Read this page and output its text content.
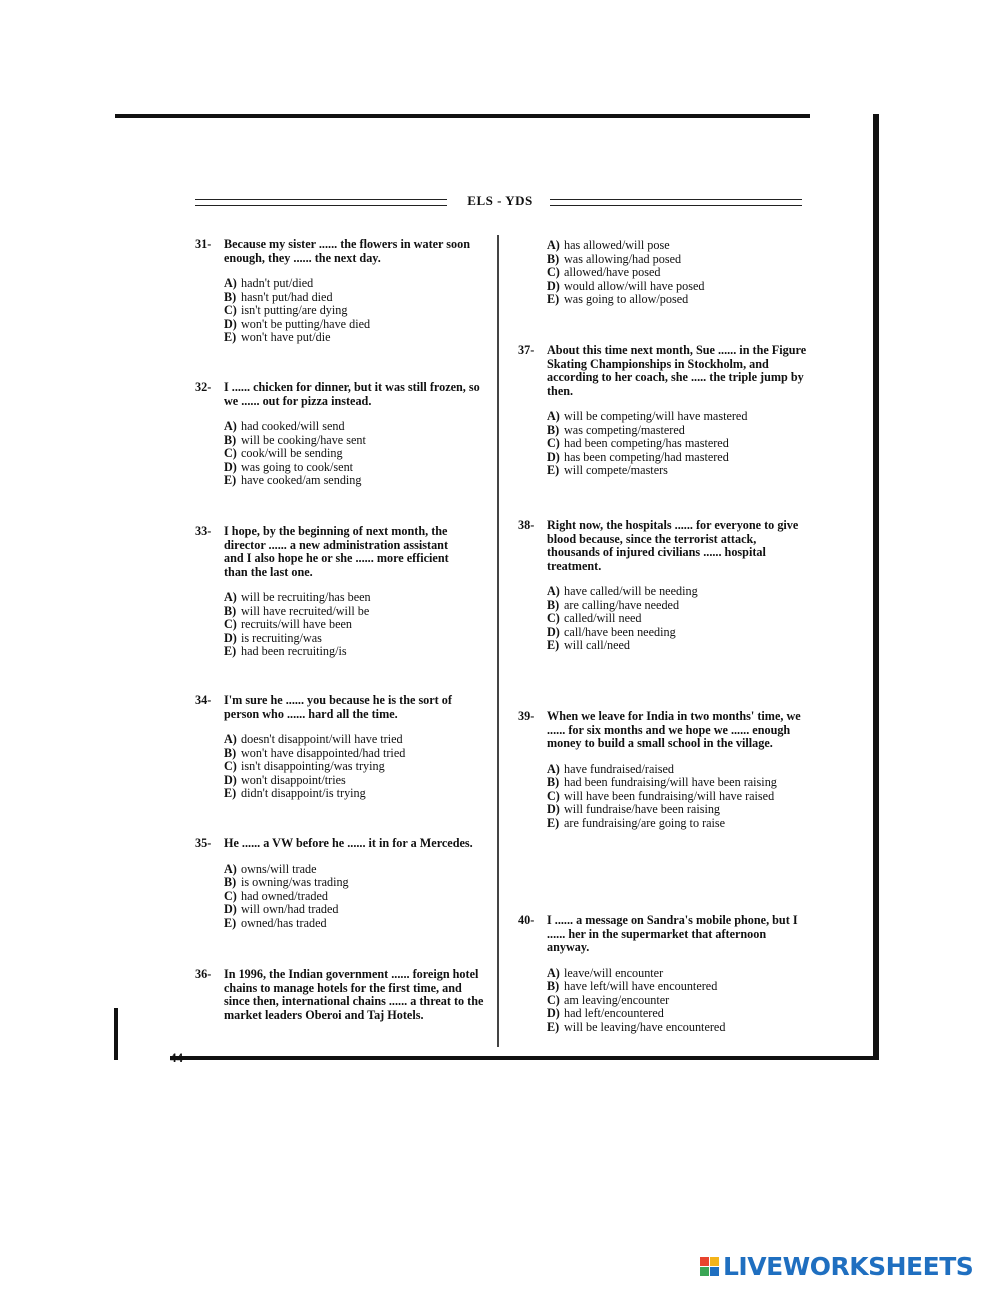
ELS - YDS
31- Because my sister ...... the flowers in water soon enough, they ...... the next day.
A) hadn't put/died
B) hasn't put/had died
C) isn't putting/are dying
D) won't be putting/have died
E) won't have put/die
32- I ...... chicken for dinner, but it was still frozen, so we ...... out for pizza instead.
A) had cooked/will send
B) will be cooking/have sent
C) cook/will be sending
D) was going to cook/sent
E) have cooked/am sending
33- I hope, by the beginning of next month, the director ...... a new administration assistant and I also hope he or she ...... more efficient than the last one.
A) will be recruiting/has been
B) will have recruited/will be
C) recruits/will have been
D) is recruiting/was
E) had been recruiting/is
34- I'm sure he ...... you because he is the sort of person who ...... hard all the time.
A) doesn't disappoint/will have tried
B) won't have disappointed/had tried
C) isn't disappointing/was trying
D) won't disappoint/tries
E) didn't disappoint/is trying
35- He ...... a VW before he ...... it in for a Mercedes.
A) owns/will trade
B) is owning/was trading
C) had owned/traded
D) will own/had traded
E) owned/has traded
36- In 1996, the Indian government ...... foreign hotel chains to manage hotels for the first time, and since then, international chains ...... a threat to the market leaders Oberoi and Taj Hotels.
A) has allowed/will pose
B) was allowing/had posed
C) allowed/have posed
D) would allow/will have posed
E) was going to allow/posed
37- About this time next month, Sue ...... in the Figure Skating Championships in Stockholm, and according to her coach, she ..... the triple jump by then.
A) will be competing/will have mastered
B) was competing/mastered
C) had been competing/has mastered
D) has been competing/had mastered
E) will compete/masters
38- Right now, the hospitals ...... for everyone to give blood because, since the terrorist attack, thousands of injured civilians ...... hospital treatment.
A) have called/will be needing
B) are calling/have needed
C) called/will need
D) call/have been needing
E) will call/need
39- When we leave for India in two months' time, we ...... for six months and we hope we ...... enough money to build a small school in the village.
A) have fundraised/raised
B) had been fundraising/will have been raising
C) will have been fundraising/will have raised
D) will fundraise/have been raising
E) are fundraising/are going to raise
40- I ...... a message on Sandra's mobile phone, but I ...... her in the supermarket that afternoon anyway.
A) leave/will encounter
B) have left/will have encountered
C) am leaving/encounter
D) had left/encountered
E) will be leaving/have encountered
44
LIVEWORKSHEETS
